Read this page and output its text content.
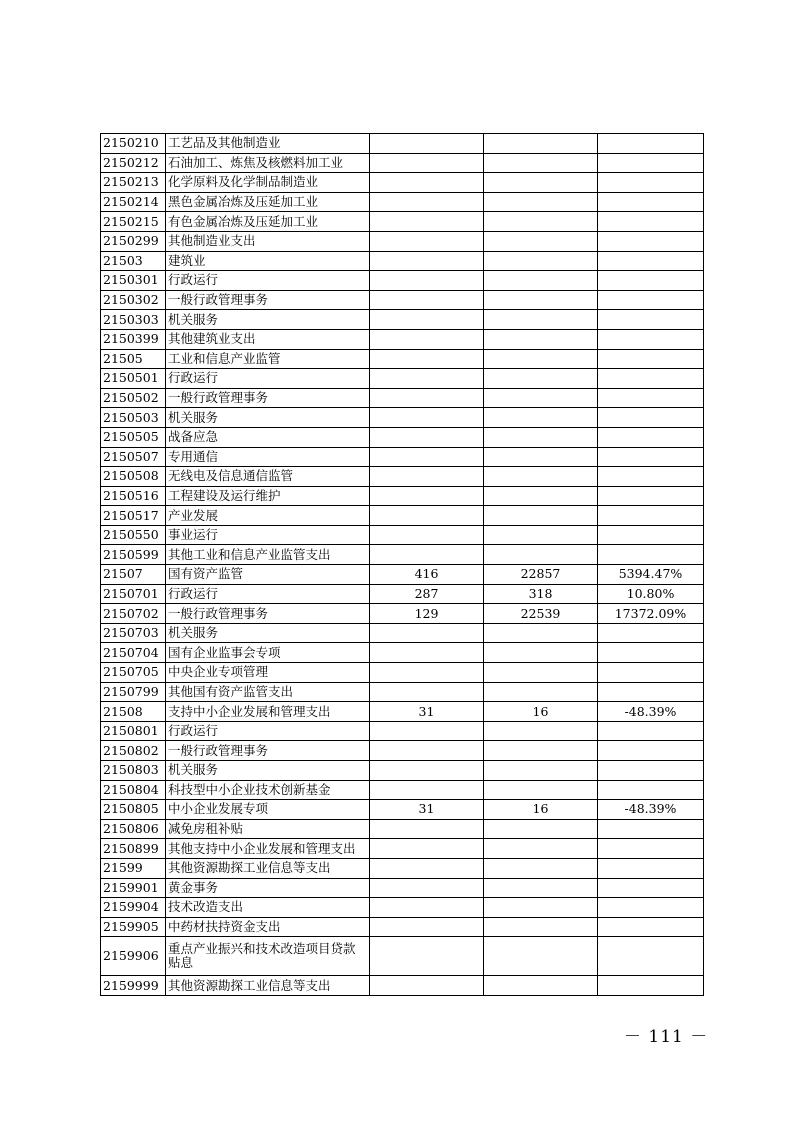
2150210	工艺品及其他制造业			
2150212	石油加工、炼焦及核燃料加工业			
2150213	化学原料及化学制品制造业			
2150214	黑色金属冶炼及压延加工业			
2150215	有色金属冶炼及压延加工业			
2150299	其他制造业支出			
21503	建筑业			
2150301	行政运行			
2150302	一般行政管理事务			
2150303	机关服务			
2150399	其他建筑业支出			
21505	工业和信息产业监管			
2150501	行政运行			
2150502	一般行政管理事务			
2150503	机关服务			
2150505	战备应急			
2150507	专用通信			
2150508	无线电及信息通信监管			
2150516	工程建设及运行维护			
2150517	产业发展			
2150550	事业运行			
2150599	其他工业和信息产业监管支出			
21507	国有资产监管	416	22857	5394.47%
2150701	行政运行	287	318	10.80%
2150702	一般行政管理事务	129	22539	17372.09%
2150703	机关服务			
2150704	国有企业监事会专项			
2150705	中央企业专项管理			
2150799	其他国有资产监管支出			
21508	支持中小企业发展和管理支出	31	16	-48.39%
2150801	行政运行			
2150802	一般行政管理事务			
2150803	机关服务			
2150804	科技型中小企业技术创新基金			
2150805	中小企业发展专项	31	16	-48.39%
2150806	减免房租补贴			
2150899	其他支持中小企业发展和管理支出			
21599	其他资源勘探工业信息等支出			
2159901	黄金事务			
2159904	技术改造支出			
2159905	中药材扶持资金支出			
2159906	重点产业振兴和技术改造项目贷款贴息			
2159999	其他资源勘探工业信息等支出			
－ 111 －
